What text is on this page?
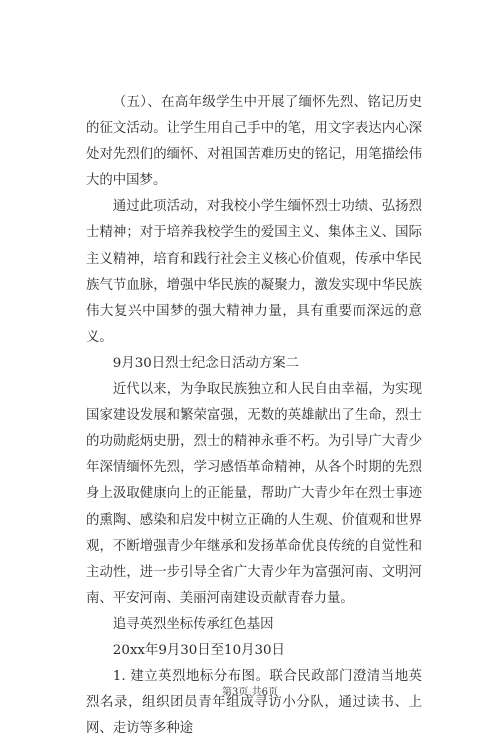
（五）、在高年级学生中开展了缅怀先烈、铭记历史的征文活动。让学生用自己手中的笔，用文字表达内心深处对先烈们的缅怀、对祖国苦难历史的铭记，用笔描绘伟大的中国梦。

通过此项活动，对我校小学生缅怀烈士功绩、弘扬烈士精神；对于培养我校学生的爱国主义、集体主义、国际主义精神，培育和践行社会主义核心价值观，传承中华民族气节血脉，增强中华民族的凝聚力，激发实现中华民族伟大复兴中国梦的强大精神力量，具有重要而深远的意义。

9月30日烈士纪念日活动方案二

近代以来，为争取民族独立和人民自由幸福，为实现国家建设发展和繁荣富强，无数的英雄献出了生命，烈士的功勋彪炳史册，烈士的精神永垂不朽。为引导广大青少年深情缅怀先烈，学习感悟革命精神，从各个时期的先烈身上汲取健康向上的正能量，帮助广大青少年在烈士事迹的熏陶、感染和启发中树立正确的人生观、价值观和世界观，不断增强青少年继承和发扬革命优良传统的自觉性和主动性，进一步引导全省广大青少年为富强河南、文明河南、平安河南、美丽河南建设贡献青春力量。

追寻英烈坐标传承红色基因

20xx年9月30日至10月30日

1. 建立英烈地标分布图。联合民政部门澄清当地英烈名录，组织团员青年组成寻访小分队，通过读书、上网、走访等多种途

第3页 共6页
